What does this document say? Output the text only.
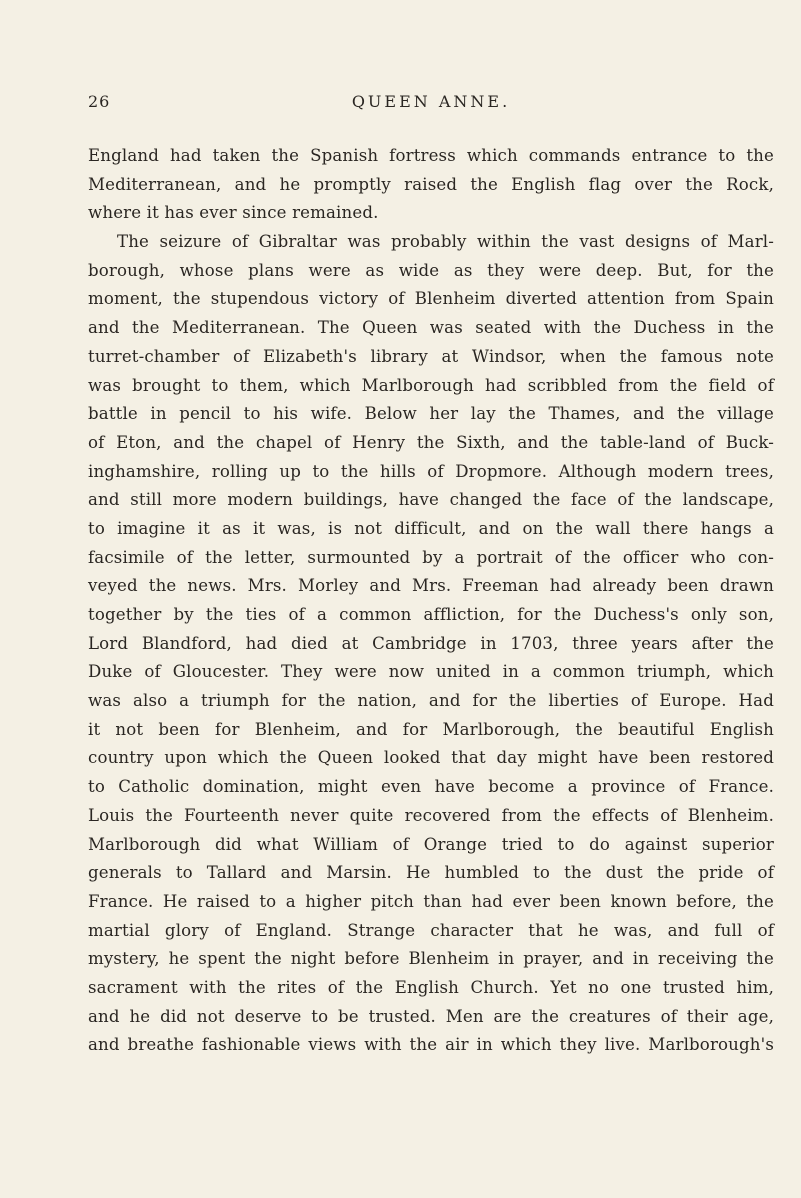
26	QUEEN ANNE.
England had taken the Spanish fortress which commands entrance to the
Mediterranean, and he promptly raised the English flag over the Rock,
where it has ever since remained.
The seizure of Gibraltar was probably within the vast designs of Marl-
borough, whose plans were as wide as they were deep. But, for the
moment, the stupendous victory of Blenheim diverted attention from Spain
and the Mediterranean. The Queen was seated with the Duchess in the
turret-chamber of Elizabeth's library at Windsor, when the famous note
was brought to them, which Marlborough had scribbled from the field of
battle in pencil to his wife. Below her lay the Thames, and the village
of Eton, and the chapel of Henry the Sixth, and the table-land of Buck-
inghamshire, rolling up to the hills of Dropmore. Although modern trees,
and still more modern buildings, have changed the face of the landscape,
to imagine it as it was, is not difficult, and on the wall there hangs a
facsimile of the letter, surmounted by a portrait of the officer who con-
veyed the news. Mrs. Morley and Mrs. Freeman had already been drawn
together by the ties of a common affliction, for the Duchess's only son,
Lord Blandford, had died at Cambridge in 1703, three years after the
Duke of Gloucester. They were now united in a common triumph, which
was also a triumph for the nation, and for the liberties of Europe. Had
it not been for Blenheim, and for Marlborough, the beautiful English
country upon which the Queen looked that day might have been restored
to Catholic domination, might even have become a province of France.
Louis the Fourteenth never quite recovered from the effects of Blenheim.
Marlborough did what William of Orange tried to do against superior
generals to Tallard and Marsin. He humbled to the dust the pride of
France. He raised to a higher pitch than had ever been known before, the
martial glory of England. Strange character that he was, and full of
mystery, he spent the night before Blenheim in prayer, and in receiving the
sacrament with the rites of the English Church. Yet no one trusted him,
and he did not deserve to be trusted. Men are the creatures of their age,
and breathe fashionable views with the air in which they live. Marlborough's
